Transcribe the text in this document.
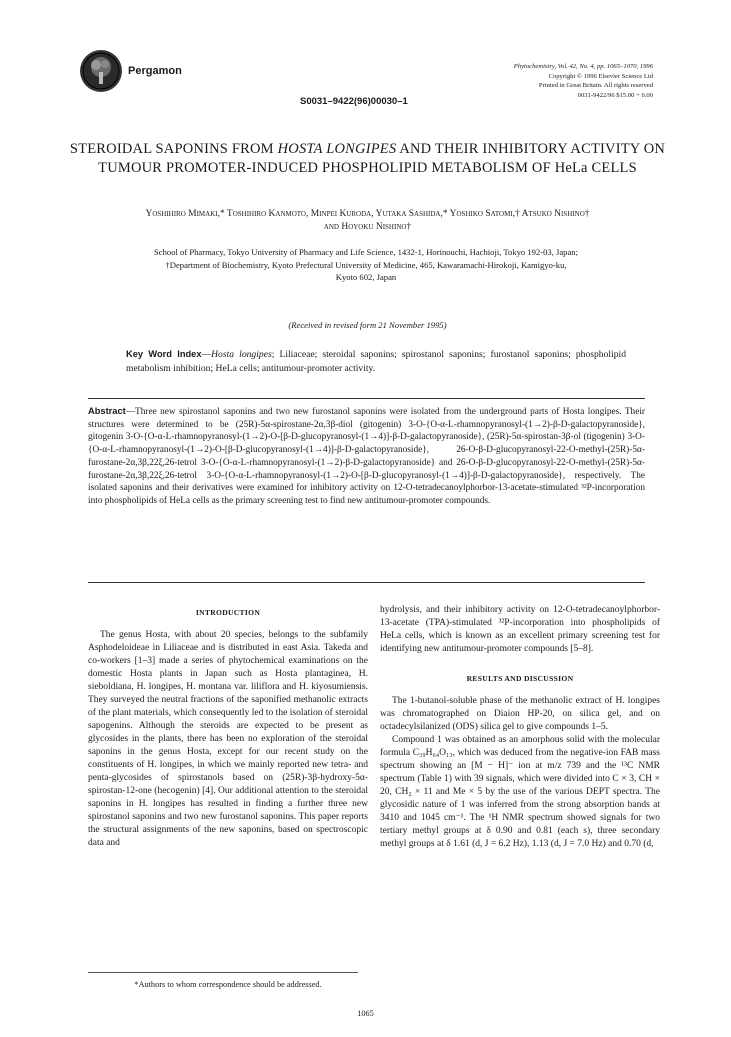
Pergamon	Phytochemistry, Vol. 42, No. 4, pp. 1065–1070, 1996
Copyright © 1996 Elsevier Science Ltd
Printed in Great Britain. All rights reserved
0031-9422/96 $15.00 + 0.00
S0031–9422(96)00030–1
STEROIDAL SAPONINS FROM HOSTA LONGIPES AND THEIR INHIBITORY ACTIVITY ON TUMOUR PROMOTER-INDUCED PHOSPHOLIPID METABOLISM OF HeLa CELLS
Yoshihiro Mimaki,* Toshihiro Kanmoto, Minpei Kuroda, Yutaka Sashida,* Yoshiko Satomi,† Atsuko Nishino†
and Hoyoku Nishino†
School of Pharmacy, Tokyo University of Pharmacy and Life Science, 1432-1, Horinouchi, Hachioji, Tokyo 192-03, Japan;
†Department of Biochemistry, Kyoto Prefectural University of Medicine, 465, Kawaramachi-Hirokoji, Kamigyo-ku,
Kyoto 602, Japan
(Received in revised form 21 November 1995)
Key Word Index—Hosta longipes; Liliaceae; steroidal saponins; spirostanol saponins; furostanol saponins; phospholipid metabolism inhibition; HeLa cells; antitumour-promoter activity.
Abstract—Three new spirostanol saponins and two new furostanol saponins were isolated from the underground parts of Hosta longipes. Their structures were determined to be (25R)-5α-spirostane-2α,3β-diol (gitogenin) 3-O-{O-α-L-rhamnopyranosyl-(1→2)-β-D-galactopyranoside}, gitogenin 3-O-{O-α-L-rhamnopyranosyl-(1→2)-O-[β-D-glucopyranosyl-(1→4)]-β-D-galactopyranoside}, (25R)-5α-spirostan-3β-ol (tigogenin) 3-O-{O-α-L-rhamnopyranosyl-(1→2)-O-[β-D-glucopyranosyl-(1→4)]-β-D-galactopyranoside}, 26-O-β-D-glucopyranosyl-22-O-methyl-(25R)-5α-furostane-2α,3β,22ξ,26-tetrol 3-O-{O-α-L-rhamnopyranosyl-(1→2)-β-D-galactopyranoside} and 26-O-β-D-glucopyranosyl-22-O-methyl-(25R)-5α-furostane-2α,3β,22ξ,26-tetrol 3-O-{O-α-L-rhamnopyranosyl-(1→2)-O-[β-D-glucopyranosyl-(1→4)]-β-D-galactopyranoside}, respectively. The isolated saponins and their derivatives were examined for inhibitory activity on 12-O-tetradecanoylphorbor-13-acetate-stimulated ³²P-incorporation into phospholipids of HeLa cells as the primary screening test to find new antitumour-promoter compounds.
INTRODUCTION

The genus Hosta, with about 20 species, belongs to the subfamily Asphodeloideae in Liliaceae and is distributed in east Asia. Takeda and co-workers [1–3] made a series of phytochemical examinations on the domestic Hosta plants in Japan such as Hosta plantaginea, H. sieboldiana, H. longipes, H. montana var. liliflora and H. kiyosumiensis. They surveyed the neutral fractions of the saponified methanolic extracts of the plant materials, which consequently led to the isolation of steroidal sapogenins. Although the steroids are expected to be present as glycosides in the plants, there has been no exploration of the steroidal saponins in the genus Hosta, except for our recent study on the constituents of H. longipes, in which we mainly reported new tetra- and penta-glycosides of spirostanols based on (25R)-3β-hydroxy-5α-spirostan-12-one (hecogenin) [4]. Our additional attention to the steroidal saponins in H. longipes has resulted in finding a further three new spirostanol saponins and two new furostanol saponins. This paper reports the structural assignments of the new saponins, based on spectroscopic data and

hydrolysis, and their inhibitory activity on 12-O-tetradecanoylphorbor-13-acetate (TPA)-stimulated ³²P-incorporation into phospholipids of HeLa cells, which is known as an excellent primary screening test for identifying new antitumour-promoter compounds [5–8].

RESULTS AND DISCUSSION

The 1-butanol-soluble phase of the methanolic extract of H. longipes was chromatographed on Diaion HP-20, on silica gel, and on octadecylsilanized (ODS) silica gel to give compounds 1–5.

Compound 1 was obtained as an amorphous solid with the molecular formula C₃₉H₆₄O₁₃, which was deduced from the negative-ion FAB mass spectrum showing an [M − H]⁻ ion at m/z 739 and the ¹³C NMR spectrum (Table 1) with 39 signals, which were divided into C × 3, CH × 20, CH₂ × 11 and Me × 5 by the use of the various DEPT spectra. The glycosidic nature of 1 was inferred from the strong absorption bands at 3410 and 1045 cm⁻¹. The ¹H NMR spectrum showed signals for two tertiary methyl groups at δ 0.90 and 0.81 (each s), three secondary methyl groups at δ 1.61 (d, J = 6.2 Hz), 1.13 (d, J = 7.0 Hz) and 0.70 (d,

*Authors to whom correspondence should be addressed.
1065
